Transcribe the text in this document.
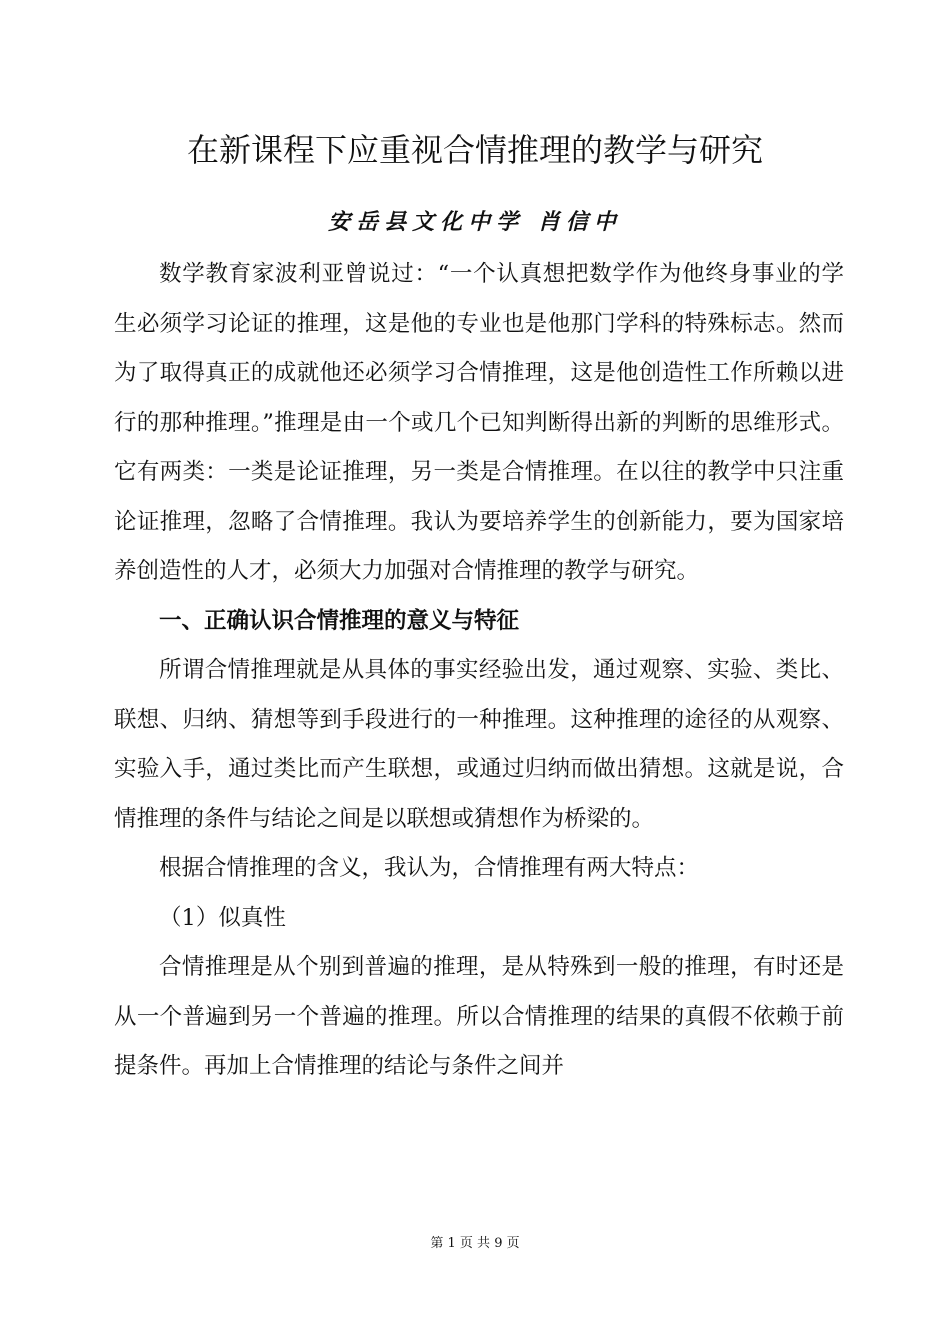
在新课程下应重视合情推理的教学与研究
安岳县文化中学 肖信中

数学教育家波利亚曾说过：“一个认真想把数学作为他终身事业的学生必须学习论证的推理，这是他的专业也是他那门学科的特殊标志。然而为了取得真正的成就他还必须学习合情推理，这是他创造性工作所赖以进行的那种推理。”推理是由一个或几个已知判断得出新的判断的思维形式。它有两类：一类是论证推理，另一类是合情推理。在以往的教学中只注重论证推理，忽略了合情推理。我认为要培养学生的创新能力，要为国家培养创造性的人才，必须大力加强对合情推理的教学与研究。

一、正确认识合情推理的意义与特征

所谓合情推理就是从具体的事实经验出发，通过观察、实验、类比、联想、归纳、猜想等到手段进行的一种推理。这种推理的途径的从观察、实验入手，通过类比而产生联想，或通过归纳而做出猜想。这就是说，合情推理的条件与结论之间是以联想或猜想作为桥梁的。

根据合情推理的含义，我认为，合情推理有两大特点：

（1）似真性

合情推理是从个别到普遍的推理，是从特殊到一般的推理，有时还是从一个普遍到另一个普遍的推理。所以合情推理的结果的真假不依赖于前提条件。再加上合情推理的结论与条件之间并

第 1 页 共 9 页
